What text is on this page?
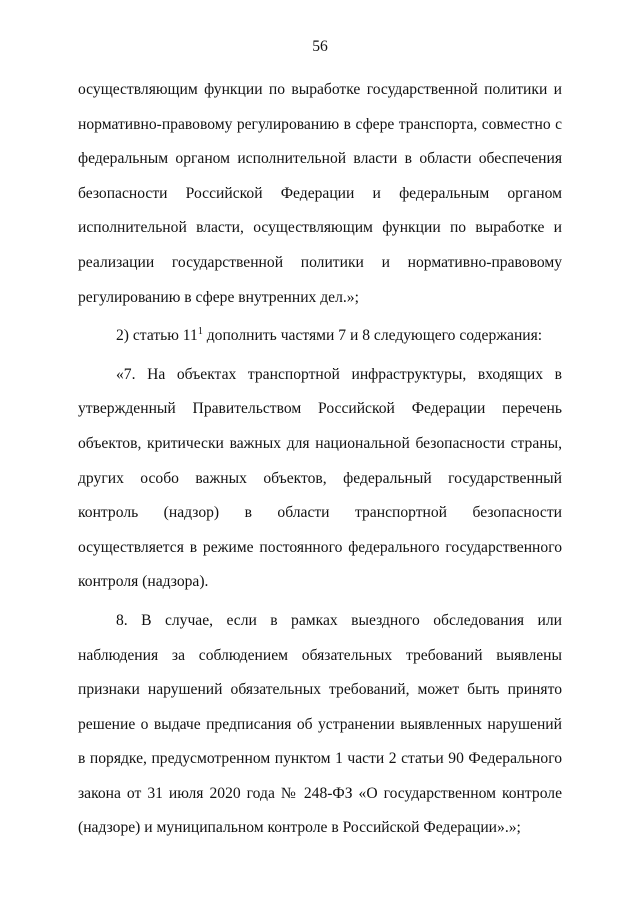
56

осуществляющим функции по выработке государственной политики и нормативно-правовому регулированию в сфере транспорта, совместно с федеральным органом исполнительной власти в области обеспечения безопасности Российской Федерации и федеральным органом исполнительной власти, осуществляющим функции по выработке и реализации государственной политики и нормативно-правовому регулированию в сфере внутренних дел.»;

2) статью $11^1$ дополнить частями 7 и 8 следующего содержания:

«7. На объектах транспортной инфраструктуры, входящих в утвержденный Правительством Российской Федерации перечень объектов, критически важных для национальной безопасности страны, других особо важных объектов, федеральный государственный контроль (надзор) в области транспортной безопасности осуществляется в режиме постоянного федерального государственного контроля (надзора).

8. В случае, если в рамках выездного обследования или наблюдения за соблюдением обязательных требований выявлены признаки нарушений обязательных требований, может быть принято решение о выдаче предписания об устранении выявленных нарушений в порядке, предусмотренном пунктом 1 части 2 статьи 90 Федерального закона от 31 июля 2020 года № 248-ФЗ «О государственном контроле (надзоре) и муниципальном контроле в Российской Федерации».»;
